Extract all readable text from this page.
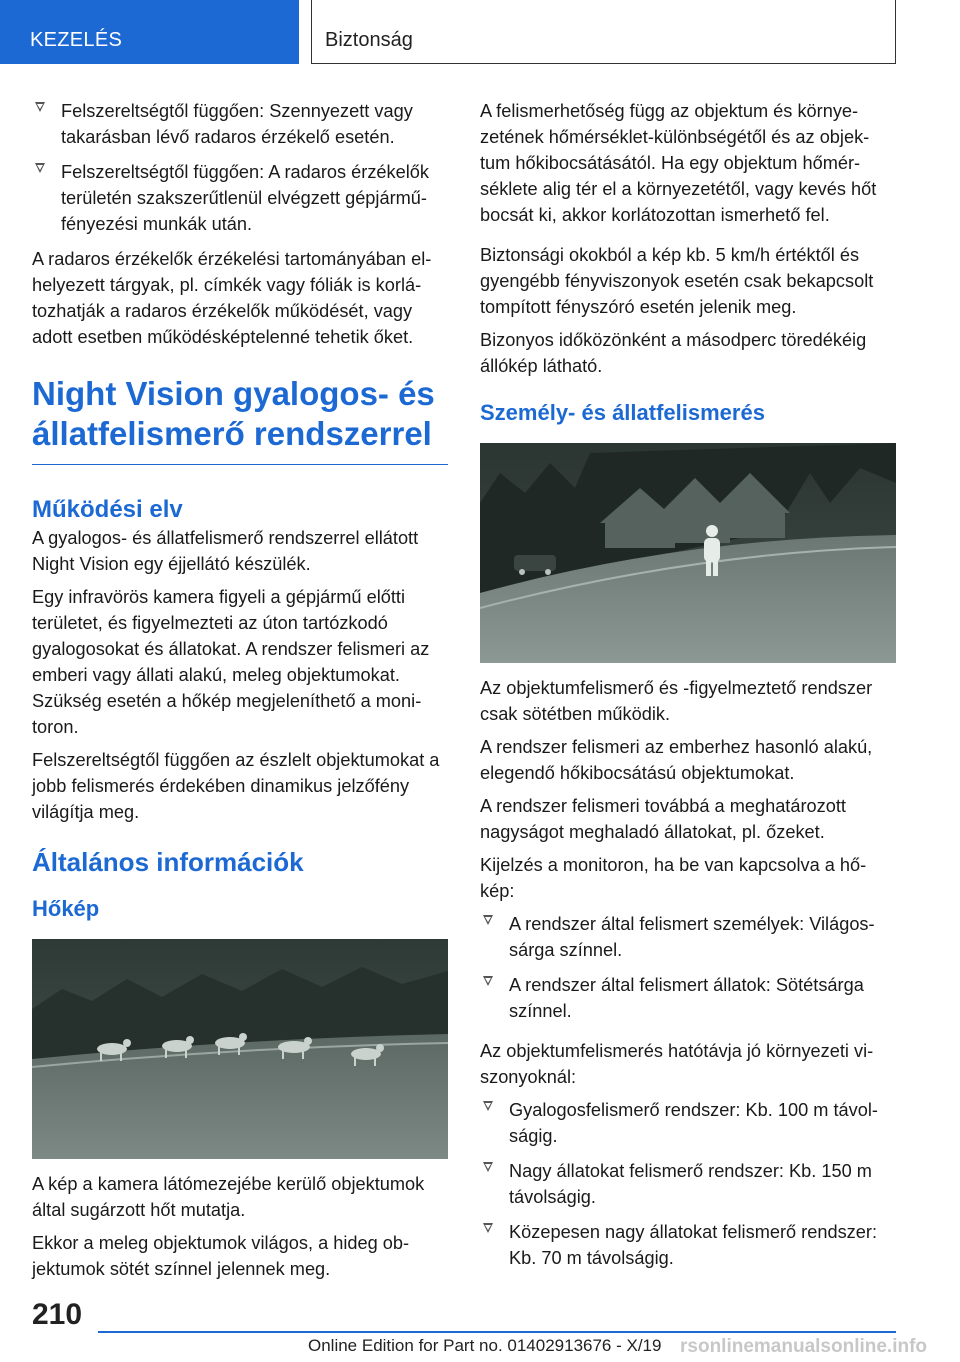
KEZELÉS	Biztonság
Felszereltségtől függően: Szennyezett vagy takarásban lévő radaros érzékelő esetén.
Felszereltségtől függően: A radaros érzékelők területén szakszerűtlenül elvégzett gépjármű-fényezési munkák után.

A radaros érzékelők érzékelési tartományában el-helyezett tárgyak, pl. címkék vagy fóliák is korlá-tozhatják a radaros érzékelők működését, vagy adott esetben működésképtelenné tehetik őket.

Night Vision gyalogos- és állatfelismerő rendszerrel
Működési elv

A gyalogos- és állatfelismerő rendszerrel ellátott Night Vision egy éjjellátó készülék.

Egy infravörös kamera figyeli a gépjármű előtti területet, és figyelmezteti az úton tartózkodó gyalogosokat és állatokat. A rendszer felismeri az emberi vagy állati alakú, meleg objektumokat. Szükség esetén a hőkép megjeleníthető a moni-toron.

Felszereltségtől függően az észlelt objektumokat a jobb felismerés érdekében dinamikus jelzőfény világítja meg.

Általános információk
Hőkép

A kép a kamera látómezejébe kerülő objektumok által sugárzott hőt mutatja.

Ekkor a meleg objektumok világos, a hideg ob-jektumok sötét színnel jelennek meg.

A felismerhetőség függ az objektum és környe-zetének hőmérséklet-különbségétől és az objek-tum hőkibocsátásától. Ha egy objektum hőmér-séklete alig tér el a környezetétől, vagy kevés hőt bocsát ki, akkor korlátozottan ismerhető fel.

Biztonsági okokból a kép kb. 5 km/h értéktől és gyengébb fényviszonyok esetén csak bekapcsolt tompított fényszóró esetén jelenik meg.

Bizonyos időközönként a másodperc töredékéig állókép látható.

Személy- és állatfelismerés

Az objektumfelismerő és -figyelmeztető rendszer csak sötétben működik.

A rendszer felismeri az emberhez hasonló alakú, elegendő hőkibocsátású objektumokat.

A rendszer felismeri továbbá a meghatározott nagyságot meghaladó állatokat, pl. őzeket.

Kijelzés a monitoron, ha be van kapcsolva a hő-kép:

A rendszer által felismert személyek: Világos-sárga színnel.
A rendszer által felismert állatok: Sötétsárga színnel.

Az objektumfelismerés hatótávja jó környezeti vi-szonyoknál:

Gyalogosfelismerő rendszer: Kb. 100 m távol-ságig.
Nagy állatokat felismerő rendszer: Kb. 150 m távolságig.
Közepesen nagy állatokat felismerő rendszer: Kb. 70 m távolságig.
210
Online Edition for Part no. 01402913676 - X/19 rsonlinemanualsonline.info
